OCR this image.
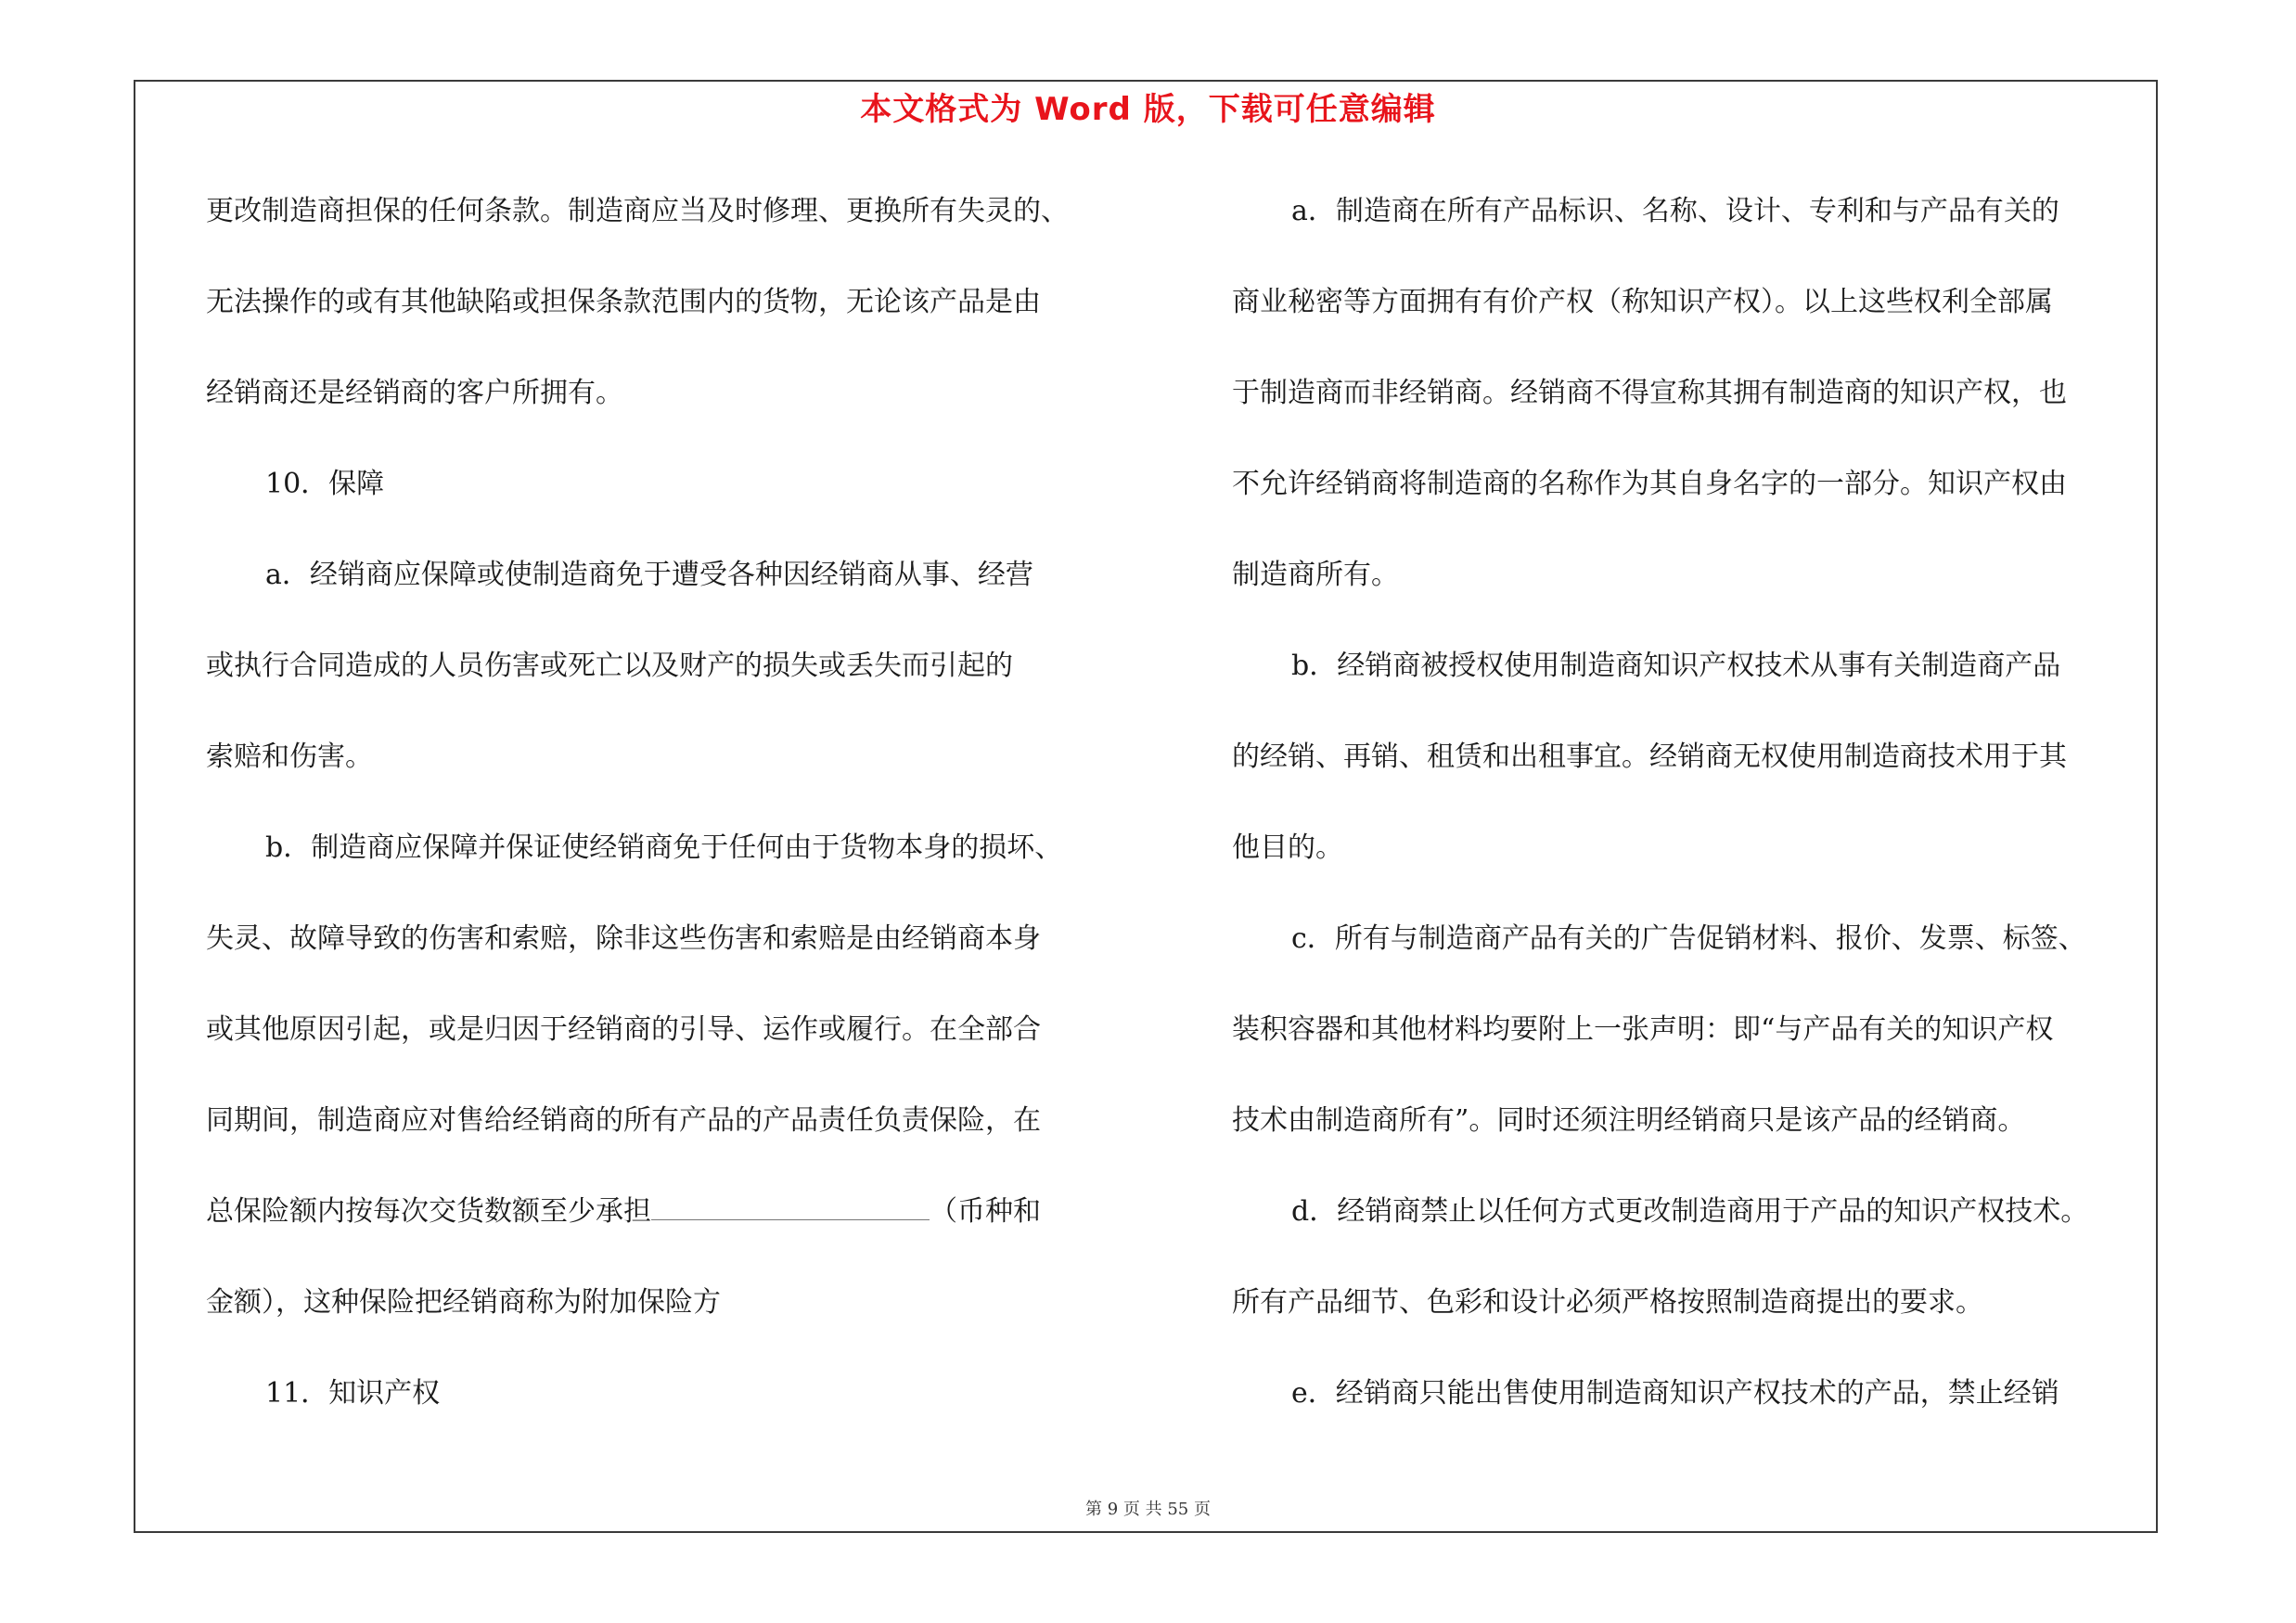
本文格式为 Word 版，下载可任意编辑
更改制造商担保的任何条款。制造商应当及时修理、更换所有失灵的、
无法操作的或有其他缺陷或担保条款范围内的货物，无论该产品是由
经销商还是经销商的客户所拥有。
10．保障
a．经销商应保障或使制造商免于遭受各种因经销商从事、经营
或执行合同造成的人员伤害或死亡以及财产的损失或丢失而引起的
索赔和伤害。
b．制造商应保障并保证使经销商免于任何由于货物本身的损坏、
失灵、故障导致的伤害和索赔，除非这些伤害和索赔是由经销商本身
或其他原因引起，或是归因于经销商的引导、运作或履行。在全部合
同期间，制造商应对售给经销商的所有产品的产品责任负责保险，在
总保险额内按每次交货数额至少承担	（币种和
金额），这种保险把经销商称为附加保险方
11．知识产权
a．制造商在所有产品标识、名称、设计、专利和与产品有关的
商业秘密等方面拥有有价产权（称知识产权）。以上这些权利全部属
于制造商而非经销商。经销商不得宣称其拥有制造商的知识产权，也
不允许经销商将制造商的名称作为其自身名字的一部分。知识产权由
制造商所有。
b．经销商被授权使用制造商知识产权技术从事有关制造商产品
的经销、再销、租赁和出租事宜。经销商无权使用制造商技术用于其
他目的。
c．所有与制造商产品有关的广告促销材料、报价、发票、标签、
装积容器和其他材料均要附上一张声明：即“与产品有关的知识产权
技术由制造商所有”。同时还须注明经销商只是该产品的经销商。
d．经销商禁止以任何方式更改制造商用于产品的知识产权技术。
所有产品细节、色彩和设计必须严格按照制造商提出的要求。
e．经销商只能出售使用制造商知识产权技术的产品，禁止经销
第 9 页 共 55 页
